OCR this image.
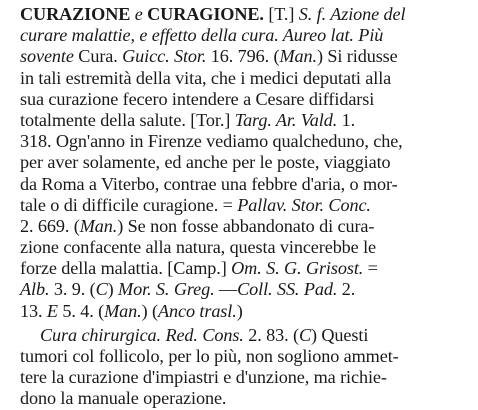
CURAZIONE e CURAGIONE. [T.] S. f. Azione del
curare malattie, e effetto della cura. Aureo lat. Più
sovente Cura. Guicc. Stor. 16. 796. (Man.) Si ridusse
in tali estremità della vita, che i medici deputati alla
sua curazione fecero intendere a Cesare diffidarsi
totalmente della salute. [Tor.] Targ. Ar. Vald. 1.
318. Ogn'anno in Firenze vediamo qualcheduno, che,
per aver solamente, ed anche per le poste, viaggiato
da Roma a Viterbo, contrae una febbre d'aria, o mor-
tale o di difficile curagione. = Pallav. Stor. Conc.
2. 669. (Man.) Se non fosse abbandonato di cura-
zione confacente alla natura, questa vincerebbe le
forze della malattia. [Camp.] Om. S. G. Grisost. =
Alb. 3. 9. (C) Mor. S. Greg. —Coll. SS. Pad. 2.
13. E 5. 4. (Man.) (Anco trasl.)
Cura chirurgica. Red. Cons. 2. 83. (C) Questi
tumori col follicolo, per lo più, non sogliono ammet-
tere la curazione d'impiastri e d'unzione, ma richie-
dono la manuale operazione.
